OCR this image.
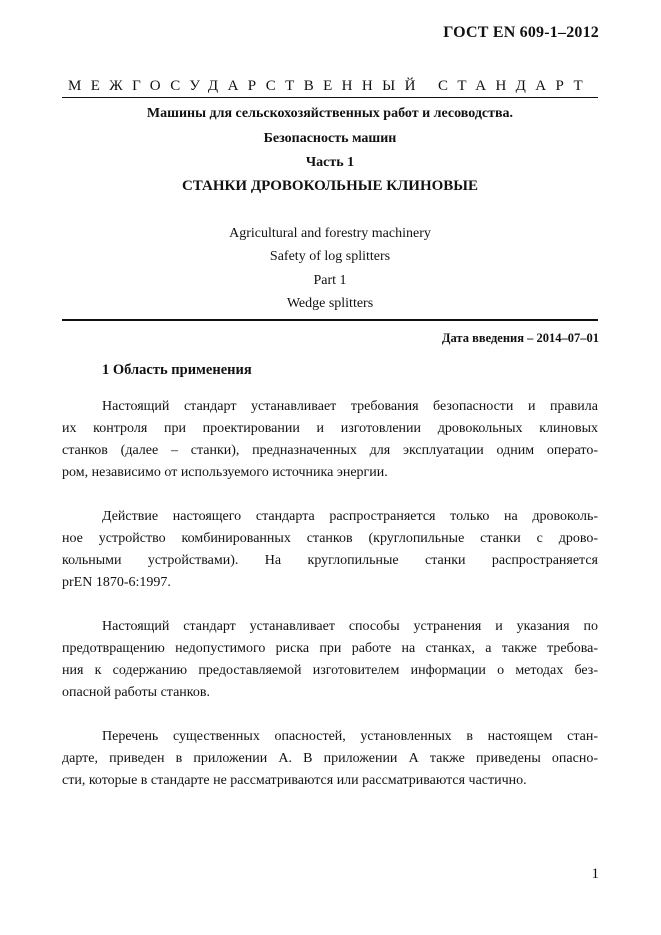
ГОСТ EN 609-1–2012
МЕЖГОСУДАРСТВЕННЫЙ СТАНДАРТ
Машины для сельскохозяйственных работ и лесоводства.
Безопасность машин
Часть 1
СТАНКИ ДРОВОКОЛЬНЫЕ КЛИНОВЫЕ
Agricultural and forestry machinery
Safety of log splitters
Part 1
Wedge splitters
Дата введения – 2014–07–01
1 Область применения
Настоящий стандарт устанавливает требования безопасности и правила
их контроля при проектировании и изготовлении дровокольных клиновых
станков (далее – станки), предназначенных для эксплуатации одним операто-
ром, независимо от используемого источника энергии.
Действие настоящего стандарта распространяется только на дровоколь-
ное устройство комбинированных станков (круглопильные станки с дрово-
кольными устройствами). На круглопильные станки распространяется
prEN 1870-6:1997.
Настоящий стандарт устанавливает способы устранения и указания по
предотвращению недопустимого риска при работе на станках, а также требова-
ния к содержанию предоставляемой изготовителем информации о методах без-
опасной работы станков.
Перечень существенных опасностей, установленных в настоящем стан-
дарте, приведен в приложении А. В приложении А также приведены опасно-
сти, которые в стандарте не рассматриваются или рассматриваются частично.
1
